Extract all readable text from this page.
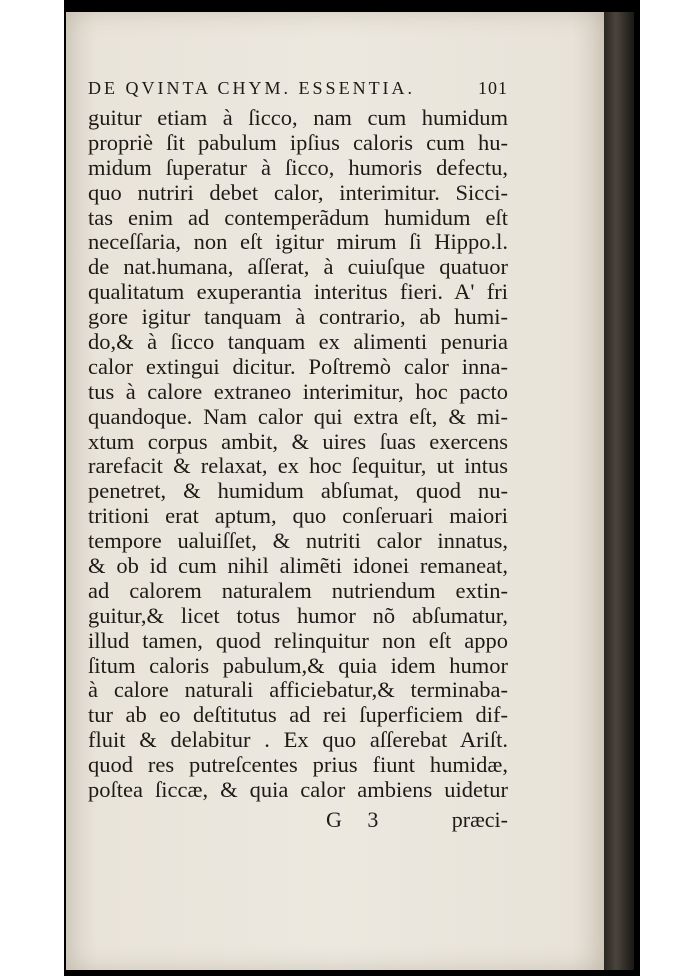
DE QVINTA CHYM. ESSENTIA.	101
guitur etiam à ſicco, nam cum humidum
propriè ſit pabulum ipſius caloris cum hu-
midum ſuperatur à ſicco, humoris defectu,
quo nutriri debet calor, interimitur. Sicci-
tas enim ad contemperãdum humidum eſt
neceſſaria, non eſt igitur mirum ſi Hippo.l.
de nat.humana, aſſerat, à cuiuſque quatuor
qualitatum exuperantia interitus fieri. A' fri
gore igitur tanquam à contrario, ab humi-
do,& à ſicco tanquam ex alimenti penuria
calor extingui dicitur. Poſtremò calor inna-
tus à calore extraneo interimitur, hoc pacto
quandoque. Nam calor qui extra eſt, & mi-
xtum corpus ambit, & uires ſuas exercens
rarefacit & relaxat, ex hoc ſequitur, ut intus
penetret, & humidum abſumat, quod nu-
tritioni erat aptum, quo conſeruari maiori
tempore ualuiſſet, & nutriti calor innatus,
& ob id cum nihil alimẽti idonei remaneat,
ad calorem naturalem nutriendum extin-
guitur,& licet totus humor nõ abſumatur,
illud tamen, quod relinquitur non eſt appo
ſitum caloris pabulum,& quia idem humor
à calore naturali afficiebatur,& terminaba-
tur ab eo deſtitutus ad rei ſuperficiem dif-
fluit & delabitur . Ex quo aſſerebat Ariſt.
quod res putreſcentes prius fiunt humidæ,
poſtea ſiccæ, & quia calor ambiens uidetur
G 3	præci-
